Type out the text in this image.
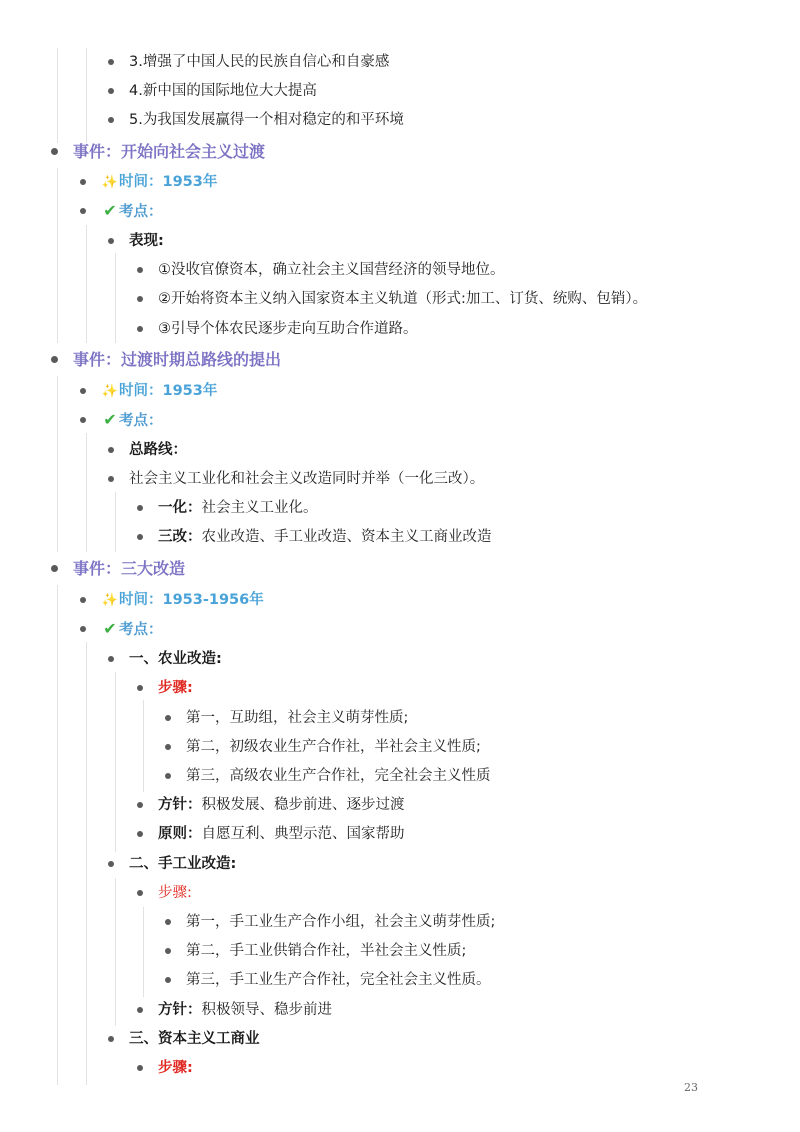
3.增强了中国人民的民族自信心和自豪感
4.新中国的国际地位大大提高
5.为我国发展赢得一个相对稳定的和平环境
事件：开始向社会主义过渡
✨时间：1953年
✔ 考点：
表现:
①没收官僚资本，确立社会主义国营经济的领导地位。
②开始将资本主义纳入国家资本主义轨道（形式:加工、订货、统购、包销）。
③引导个体农民逐步走向互助合作道路。
事件：过渡时期总路线的提出
✨时间：1953年
✔ 考点：
总路线：
社会主义工业化和社会主义改造同时并举（一化三改）。
一化：社会主义工业化。
三改：农业改造、手工业改造、资本主义工商业改造
事件：三大改造
✨时间：1953-1956年
✔ 考点：
一、农业改造:
步骤:
第一，互助组，社会主义萌芽性质;
第二，初级农业生产合作社，半社会主义性质;
第三，高级农业生产合作社，完全社会主义性质
方针：积极发展、稳步前进、逐步过渡
原则：自愿互利、典型示范、国家帮助
二、手工业改造:
步骤:
第一，手工业生产合作小组，社会主义萌芽性质;
第二，手工业供销合作社，半社会主义性质;
第三，手工业生产合作社，完全社会主义性质。
方针：积极领导、稳步前进
三、资本主义工商业
步骤:
23
